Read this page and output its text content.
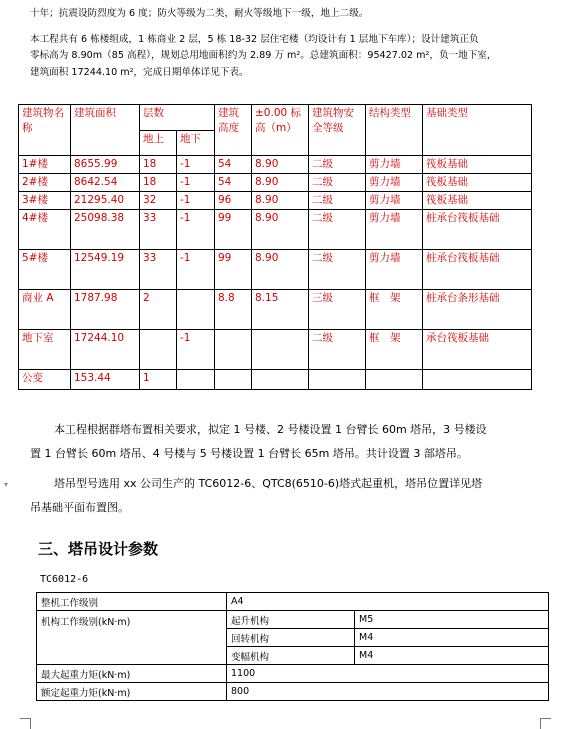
十年；抗震设防烈度为 6 度；防火等级为二类，耐火等级地下一级，地上二级。
本工程共有 6 栋楼组成，1 栋商业 2 层，5 栋 18-32 层住宅楼（均设计有 1 层地下车库）；设计建筑正负
零标高为 8.90m（85 高程），规划总用地面积约为 2.89 万 m²。总建筑面积：95427.02 m²，负一地下室，
建筑面积 17244.10 m²，完成日期单体详见下表。
建筑物名称	建筑面积	层数		建筑高度	±0.00 标 高（m）	建筑物安全等级	结构类型	基础类型
		地上	地下					
1#楼	8655.99	18	-1	54	8.90	二级	剪力墙	筏板基础
2#楼	8642.54	18	-1	54	8.90	二级	剪力墙	筏板基础
3#楼	21295.40	32	-1	96	8.90	二级	剪力墙	筏板基础
4#楼	25098.38	33	-1	99	8.90	二级	剪力墙	桩承台筏板基础
5#楼	12549.19	33	-1	99	8.90	二级	剪力墙	桩承台筏板基础
商业 A	1787.98	2		8.8	8.15	三级	框　架	桩承台条形基础
地下室	17244.10		-1			二级	框　架	承台筏板基础
公变	153.44	1						
本工程根据群塔布置相关要求，拟定 1 号楼、2 号楼设置 1 台臂长 60m 塔吊，3 号楼设
置 1 台臂长 60m 塔吊、4 号楼与 5 号楼设置 1 台臂长 65m 塔吊。共计设置 3 部塔吊。
塔吊型号选用 xx 公司生产的 TC6012-6、QTC8(6510-6)塔式起重机，塔吊位置详见塔
吊基础平面布置图。
▾
三、塔吊设计参数
TC6012-6
整机工作级别	A4	
机构工作级别(kN·m)	起升机构	M5
	回转机构	M4
	变幅机构	M4
最大起重力矩(kN·m)	1100	
额定起重力矩(kN·m)	800	
